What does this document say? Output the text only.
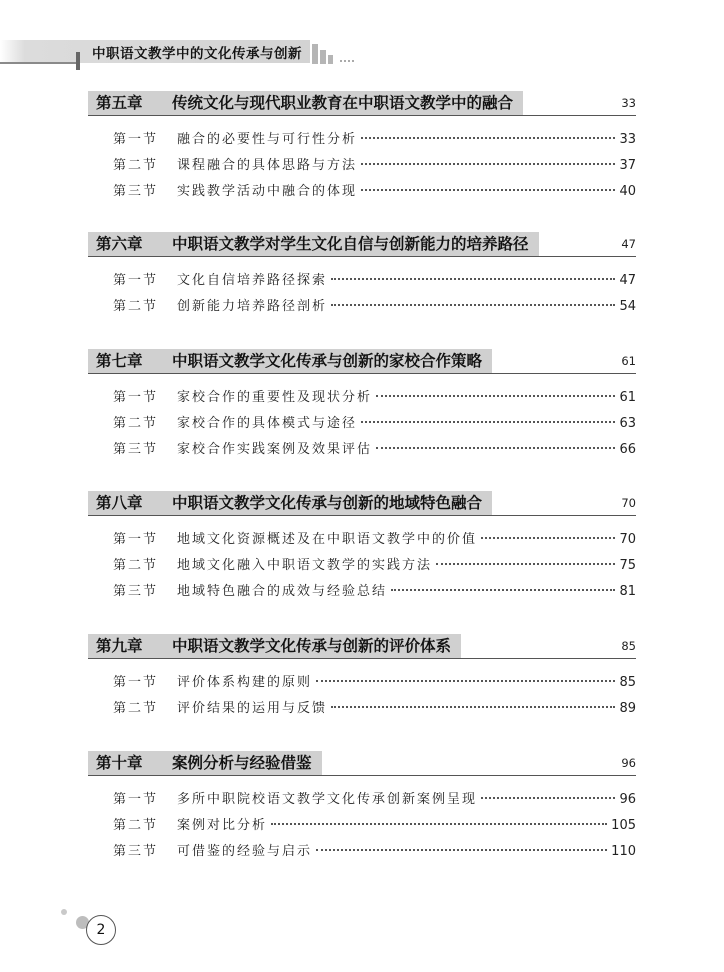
中职语文教学中的文化传承与创新
第五章 传统文化与现代职业教育在中职语文教学中的融合	33
第一节	融合的必要性与可行性分析	33
第二节	课程融合的具体思路与方法	37
第三节	实践教学活动中融合的体现	40
第六章 中职语文教学对学生文化自信与创新能力的培养路径	47
第一节	文化自信培养路径探索	47
第二节	创新能力培养路径剖析	54
第七章 中职语文教学文化传承与创新的家校合作策略	61
第一节	家校合作的重要性及现状分析	61
第二节	家校合作的具体模式与途径	63
第三节	家校合作实践案例及效果评估	66
第八章 中职语文教学文化传承与创新的地域特色融合	70
第一节	地域文化资源概述及在中职语文教学中的价值	70
第二节	地域文化融入中职语文教学的实践方法	75
第三节	地域特色融合的成效与经验总结	81
第九章 中职语文教学文化传承与创新的评价体系	85
第一节	评价体系构建的原则	85
第二节	评价结果的运用与反馈	89
第十章 案例分析与经验借鉴	96
第一节	多所中职院校语文教学文化传承创新案例呈现	96
第二节	案例对比分析	105
第三节	可借鉴的经验与启示	110
2
